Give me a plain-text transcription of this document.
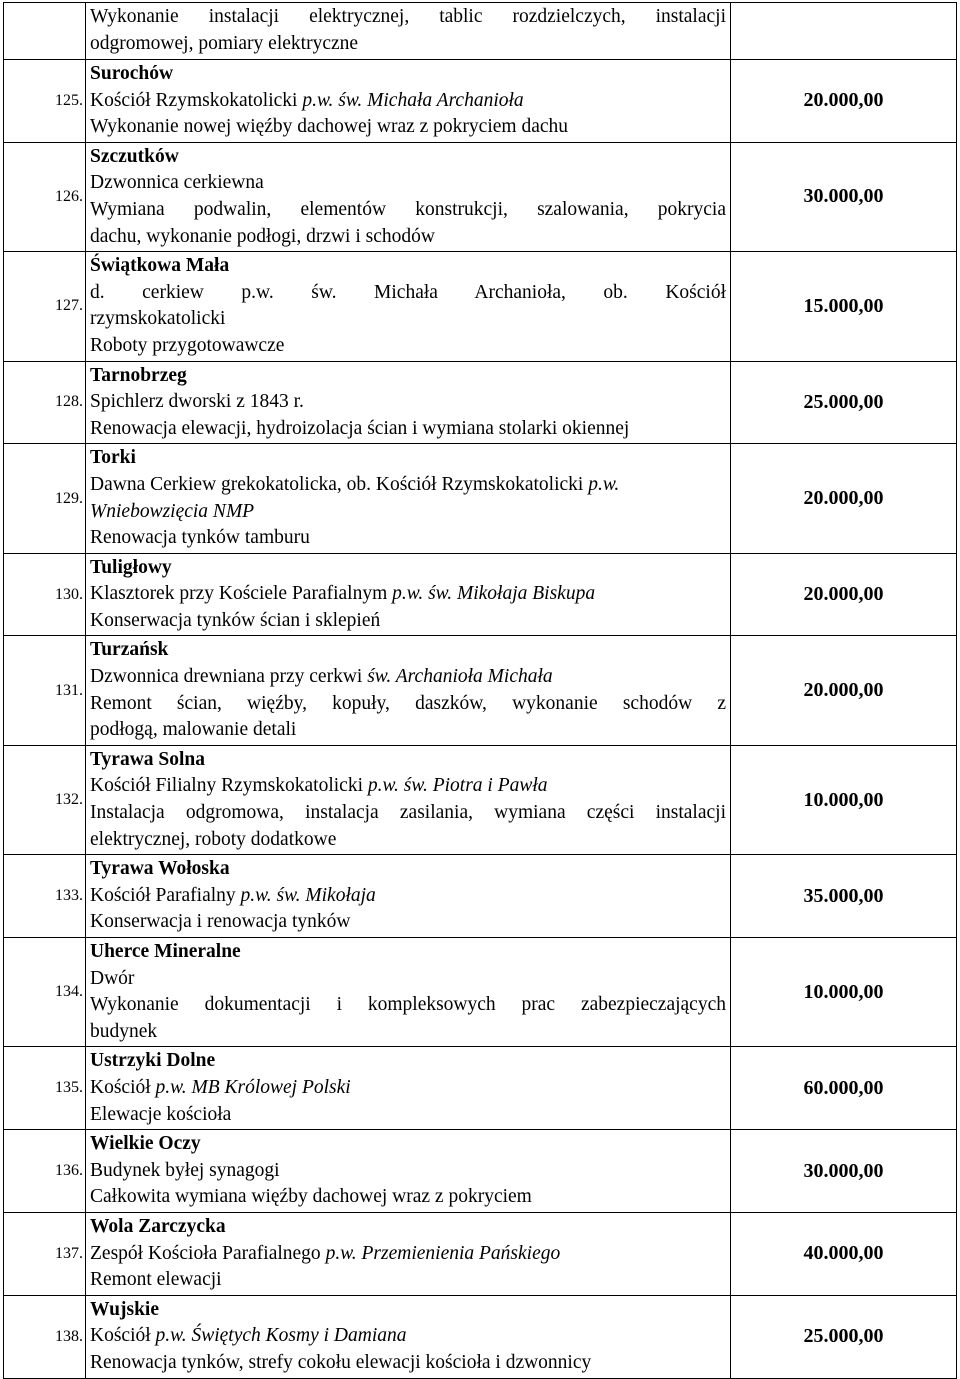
	Wykonanie instalacji elektrycznej, tablic rozdzielczych, instalacji
odgromowej, pomiary elektryczne	

125.	Surochów
Kościół Rzymskokatolicki p.w. św. Michała Archanioła
Wykonanie nowej więźby dachowej wraz z pokryciem dachu	20.000,00
126.	Szczutków
Dzwonnica cerkiewna
Wymiana podwalin, elementów konstrukcji, szalowania, pokrycia
dachu, wykonanie podłogi, drzwi i schodów	30.000,00
127.	Świątkowa Mała
d. cerkiew p.w. św. Michała Archanioła, ob. Kościół
rzymskokatolicki
Roboty przygotowawcze	15.000,00
128.	Tarnobrzeg
Spichlerz dworski z 1843 r.
Renowacja elewacji, hydroizolacja ścian i wymiana stolarki okiennej	25.000,00
129.	Torki
Dawna Cerkiew grekokatolicka, ob. Kościół Rzymskokatolicki p.w.
Wniebowzięcia NMP
Renowacja tynków tamburu	20.000,00
130.	Tuligłowy
Klasztorek przy Kościele Parafialnym p.w. św. Mikołaja Biskupa
Konserwacja tynków ścian i sklepień	20.000,00
131.	Turzańsk
Dzwonnica drewniana przy cerkwi św. Archanioła Michała
Remont ścian, więźby, kopuły, daszków, wykonanie schodów z
podłogą, malowanie detali	20.000,00
132.	Tyrawa Solna
Kościół Filialny Rzymskokatolicki p.w. św. Piotra i Pawła
Instalacja odgromowa, instalacja zasilania, wymiana części instalacji
elektrycznej, roboty dodatkowe	10.000,00
133.	Tyrawa Wołoska
Kościół Parafialny p.w. św. Mikołaja
Konserwacja i renowacja tynków	35.000,00
134.	Uherce Mineralne
Dwór
Wykonanie dokumentacji i kompleksowych prac zabezpieczających
budynek	10.000,00
135.	Ustrzyki Dolne
Kościół p.w. MB Królowej Polski
Elewacje kościoła	60.000,00
136.	Wielkie Oczy
Budynek byłej synagogi
Całkowita wymiana więźby dachowej wraz z pokryciem	30.000,00
137.	Wola Zarczycka
Zespół Kościoła Parafialnego p.w. Przemienienia Pańskiego
Remont elewacji	40.000,00
138.	Wujskie
Kościół p.w. Świętych Kosmy i Damiana
Renowacja tynków, strefy cokołu elewacji kościoła i dzwonnicy	25.000,00
